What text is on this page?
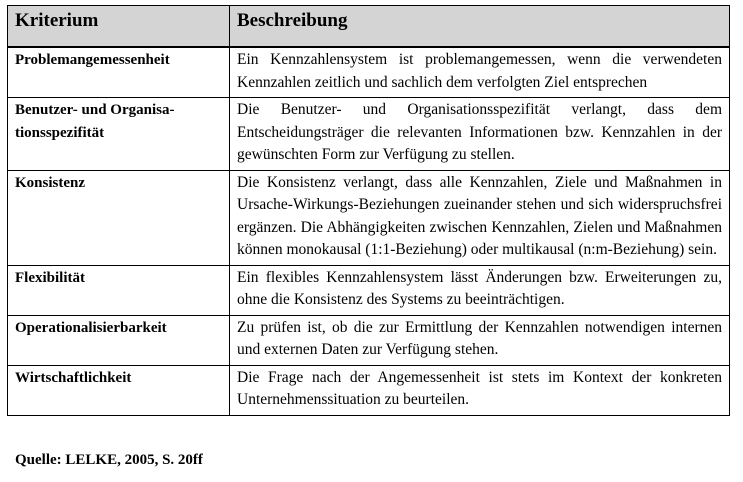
Kriterium	Beschreibung
Problemangemessenheit	Ein Kennzahlensystem ist problemangemessen, wenn die verwendeten Kennzahlen zeitlich und sachlich dem verfolgten Ziel entsprechen
Benutzer- und Organisationsspezifität	Die Benutzer- und Organisationsspezifität verlangt, dass dem Entscheidungsträger die relevanten Informationen bzw. Kennzahlen in der gewünschten Form zur Verfügung zu stellen.
Konsistenz	Die Konsistenz verlangt, dass alle Kennzahlen, Ziele und Maßnahmen in Ursache-Wirkungs-Beziehungen zueinander stehen und sich widerspruchsfrei ergänzen. Die Abhängigkeiten zwischen Kennzahlen, Zielen und Maßnahmen können monokausal (1:1-Beziehung) oder multikausal (n:m-Beziehung) sein.
Flexibilität	Ein flexibles Kennzahlensystem lässt Änderungen bzw. Erweiterungen zu, ohne die Konsistenz des Systems zu beeinträchtigen.
Operationalisierbarkeit	Zu prüfen ist, ob die zur Ermittlung der Kennzahlen notwendigen internen und externen Daten zur Verfügung stehen.
Wirtschaftlichkeit	Die Frage nach der Angemessenheit ist stets im Kontext der konkreten Unternehmenssituation zu beurteilen.
Quelle: LELKE, 2005, S. 20ff
